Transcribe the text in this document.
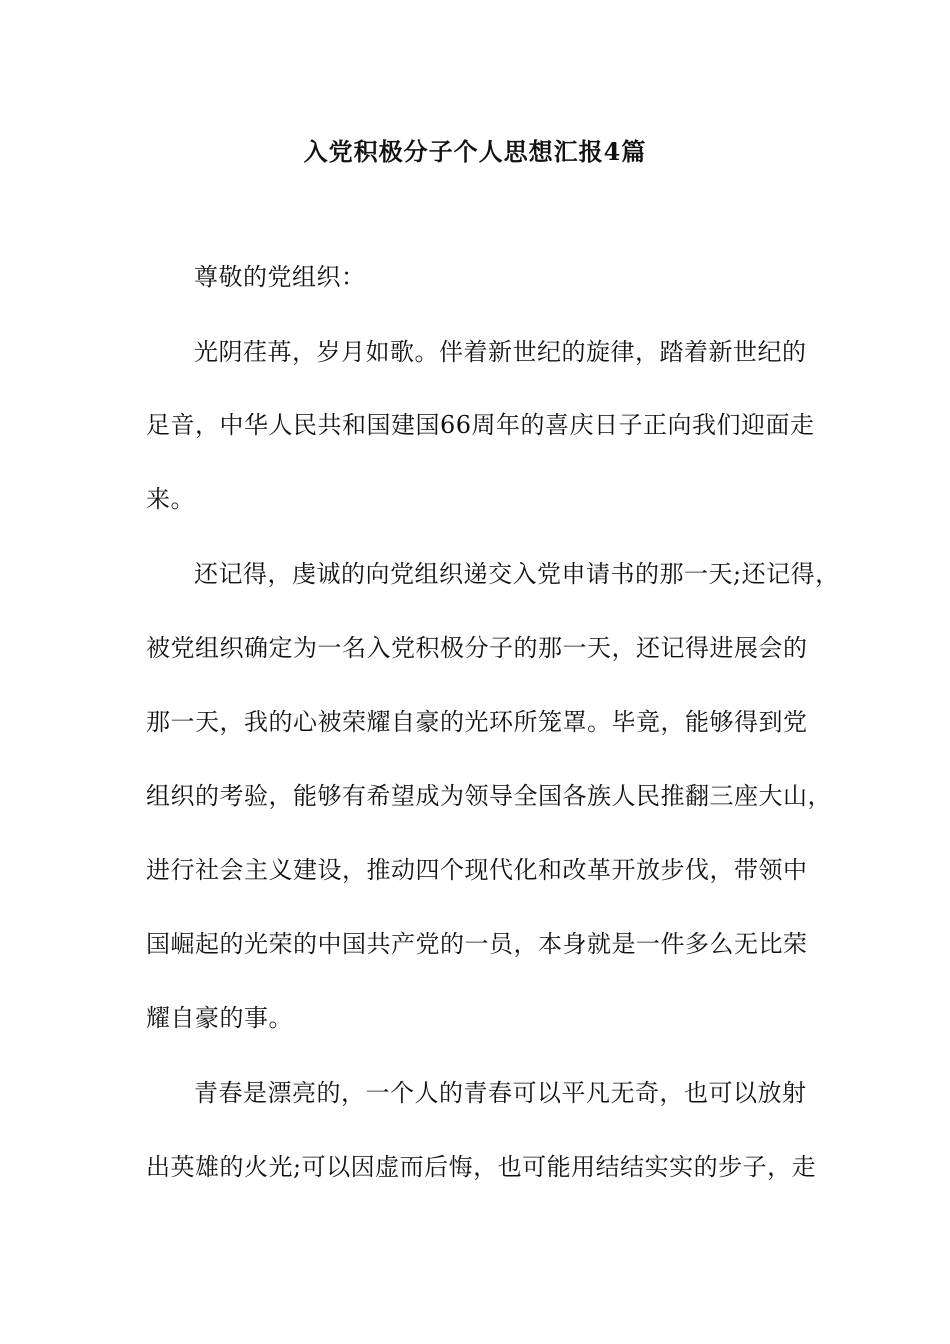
入党积极分子个人思想汇报4篇
尊敬的党组织：
光阴荏苒，岁月如歌。伴着新世纪的旋律，踏着新世纪的
足音，中华人民共和国建国66周年的喜庆日子正向我们迎面走
来。
还记得，虔诚的向党组织递交入党申请书的那一天;还记得，
被党组织确定为一名入党积极分子的那一天，还记得进展会的
那一天，我的心被荣耀自豪的光环所笼罩。毕竟，能够得到党
组织的考验，能够有希望成为领导全国各族人民推翻三座大山，
进行社会主义建设，推动四个现代化和改革开放步伐，带领中
国崛起的光荣的中国共产党的一员，本身就是一件多么无比荣
耀自豪的事。
青春是漂亮的，一个人的青春可以平凡无奇，也可以放射
出英雄的火光;可以因虚而后悔，也可能用结结实实的步子，走
